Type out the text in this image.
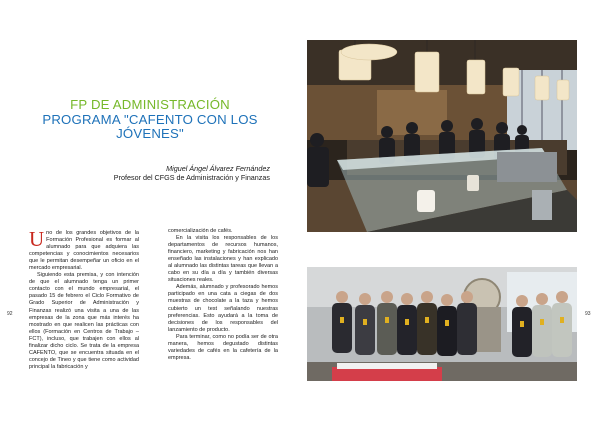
FP DE ADMINISTRACIÓN
PROGRAMA "CAFENTO CON LOS JÓVENES"
Miguel Ángel Álvarez Fernández
Profesor del CFGS de Administración y Finanzas

Uno de los grandes objetivos de la Formación Profesional es formar al alumnado para que adquiera las competencias y conocimientos necesarios que le permitan desempeñar un oficio en el mercado empresarial.

Siguiendo esta premisa, y con intención de que el alumnado tenga un primer contacto con el mundo empresarial, el pasado 15 de febrero el Ciclo Formativo de Grado Superior de Administración y Finanzas realizó una visita a una de las empresas de la zona que más interés ha mostrado en que realicen las prácticas con ellos (Formación en Centros de Trabajo – FCT), incluso, que trabajen con ellos al finalizar dicho ciclo. Se trata de la empresa CAFENTO, que se encuentra situada en el concejo de Tineo y que tiene como actividad principal la fabricación y

comercialización de cafés.

En la visita los responsables de los departamentos de recursos humanos, financiero, marketing y fabricación nos han enseñado las instalaciones y han explicado al alumnado las distintas tareas que llevan a cabo en su día a día y también diversas situaciones reales.

Además, alumnado y profesorado hemos participado en una cata a ciegas de dos muestras de chocolate a la taza y hemos cubierto un test señalando nuestras preferencias. Esto ayudará a la toma de decisiones de los responsables del lanzamiento de producto.

Para terminar, como no podía ser de otra manera, hemos degustado distintas variedades de cafés en la cafetería de la empresa.

92	93
